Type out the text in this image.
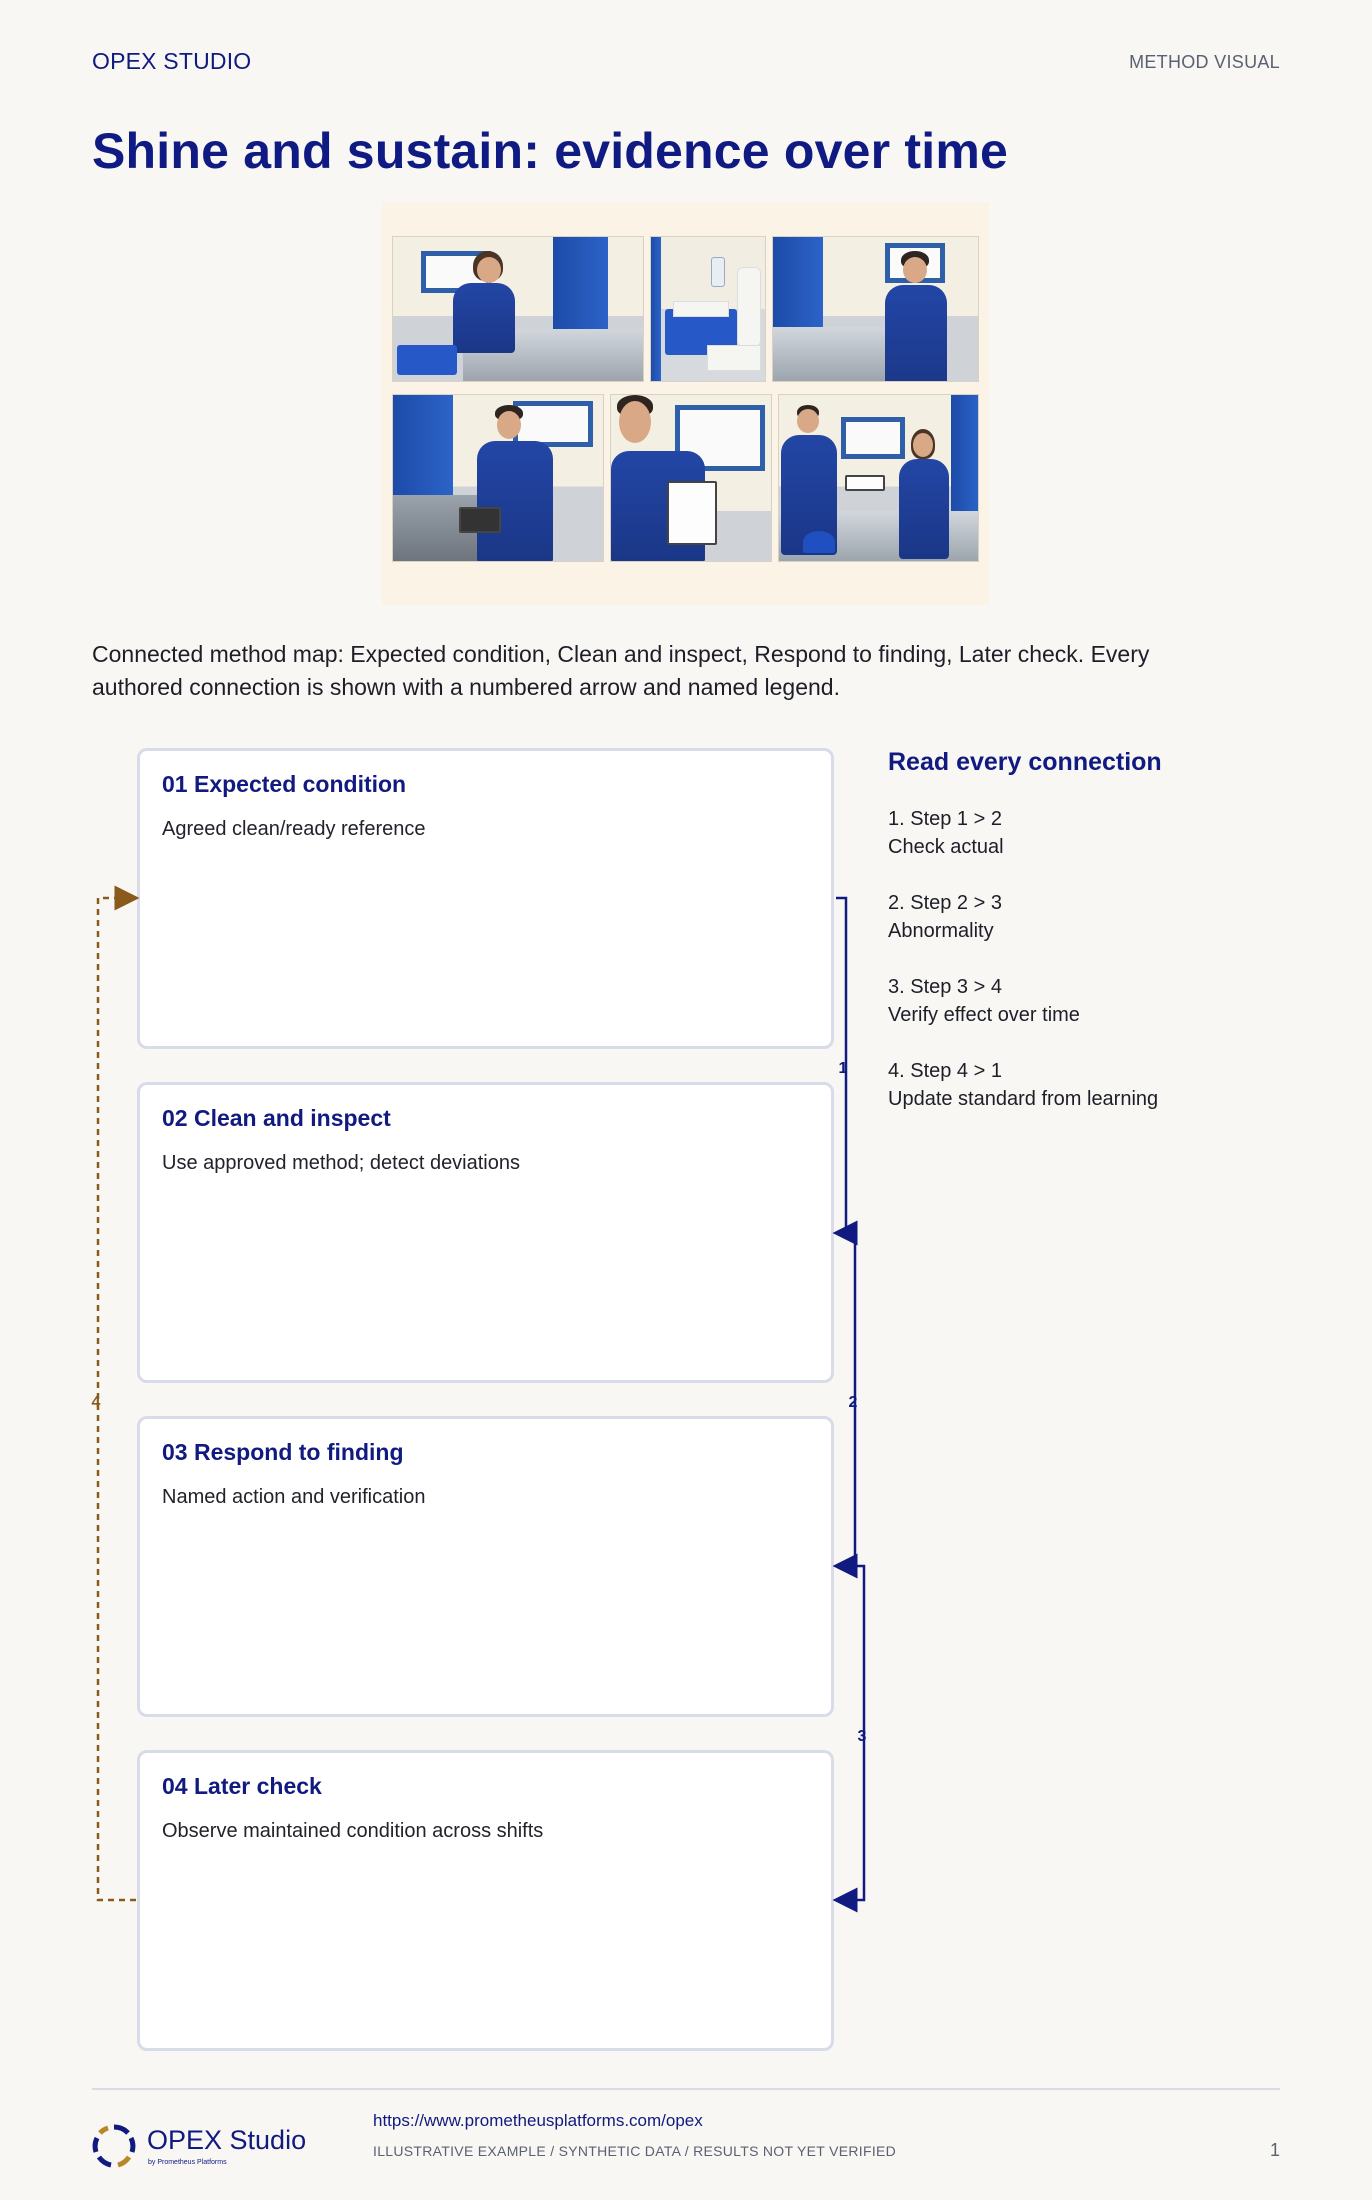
OPEX STUDIO	METHOD VISUAL
Shine and sustain: evidence over time

Connected method map: Expected condition, Clean and inspect, Respond to finding, Later check. Every authored connection is shown with a numbered arrow and named legend.

01 Expected condition
Agreed clean/ready reference
02 Clean and inspect
Use approved method; detect deviations
03 Respond to finding
Named action and verification
04 Later check
Observe maintained condition across shifts
1
2
3
4
Read every connection
1. Step 1 > 2
Check actual
2. Step 2 > 3
Abnormality
3. Step 3 > 4
Verify effect over time
4. Step 4 > 1
Update standard from learning
OPEX Studio
by Prometheus Platforms
https://www.prometheusplatforms.com/opex
ILLUSTRATIVE EXAMPLE / SYNTHETIC DATA / RESULTS NOT YET VERIFIED	1
